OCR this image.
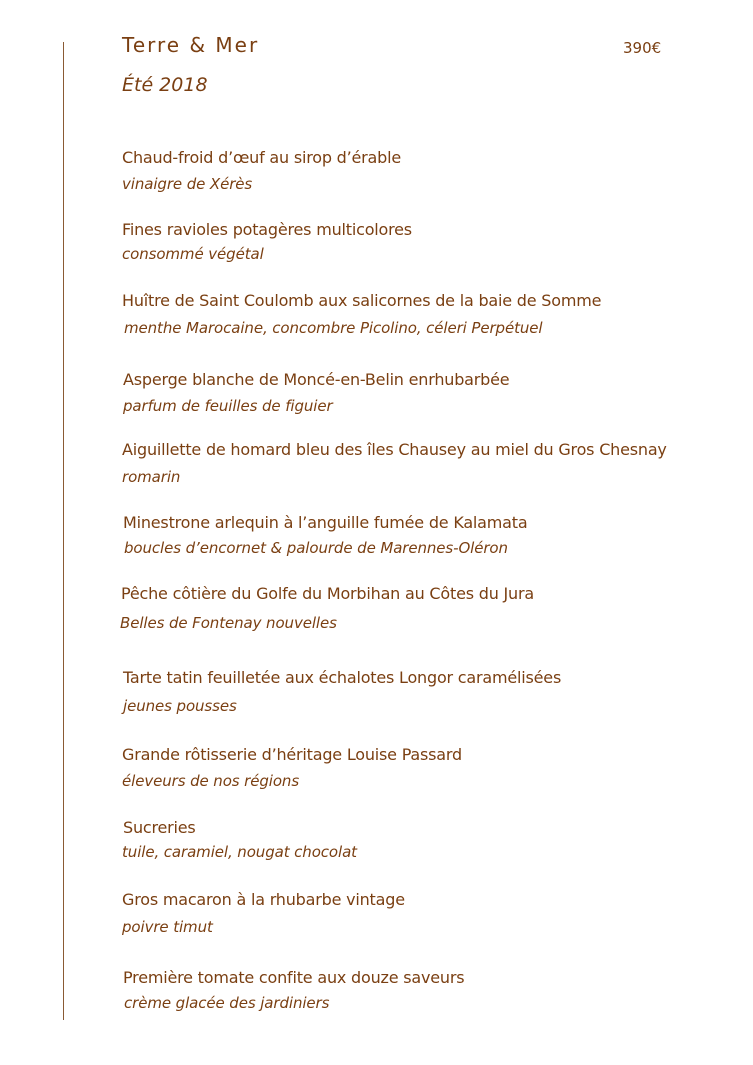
Terre & Mer	390€
Été 2018
Chaud-froid d’œuf au sirop d’érable
vinaigre de Xérès
Fines ravioles potagères multicolores
consommé végétal
Huître de Saint Coulomb aux salicornes de la baie de Somme
menthe Marocaine, concombre Picolino, céleri Perpétuel
Asperge blanche de Moncé-en-Belin enrhubarbée
parfum de feuilles de figuier
Aiguillette de homard bleu des îles Chausey au miel du Gros Chesnay
romarin
Minestrone arlequin à l’anguille fumée de Kalamata
boucles d’encornet & palourde de Marennes-Oléron
Pêche côtière du Golfe du Morbihan au Côtes du Jura
Belles de Fontenay nouvelles
Tarte tatin feuilletée aux échalotes Longor caramélisées
jeunes pousses
Grande rôtisserie d’héritage Louise Passard
éleveurs de nos régions
Sucreries
tuile, caramiel, nougat chocolat
Gros macaron à la rhubarbe vintage
poivre timut
Première tomate confite aux douze saveurs
crème glacée des jardiniers
